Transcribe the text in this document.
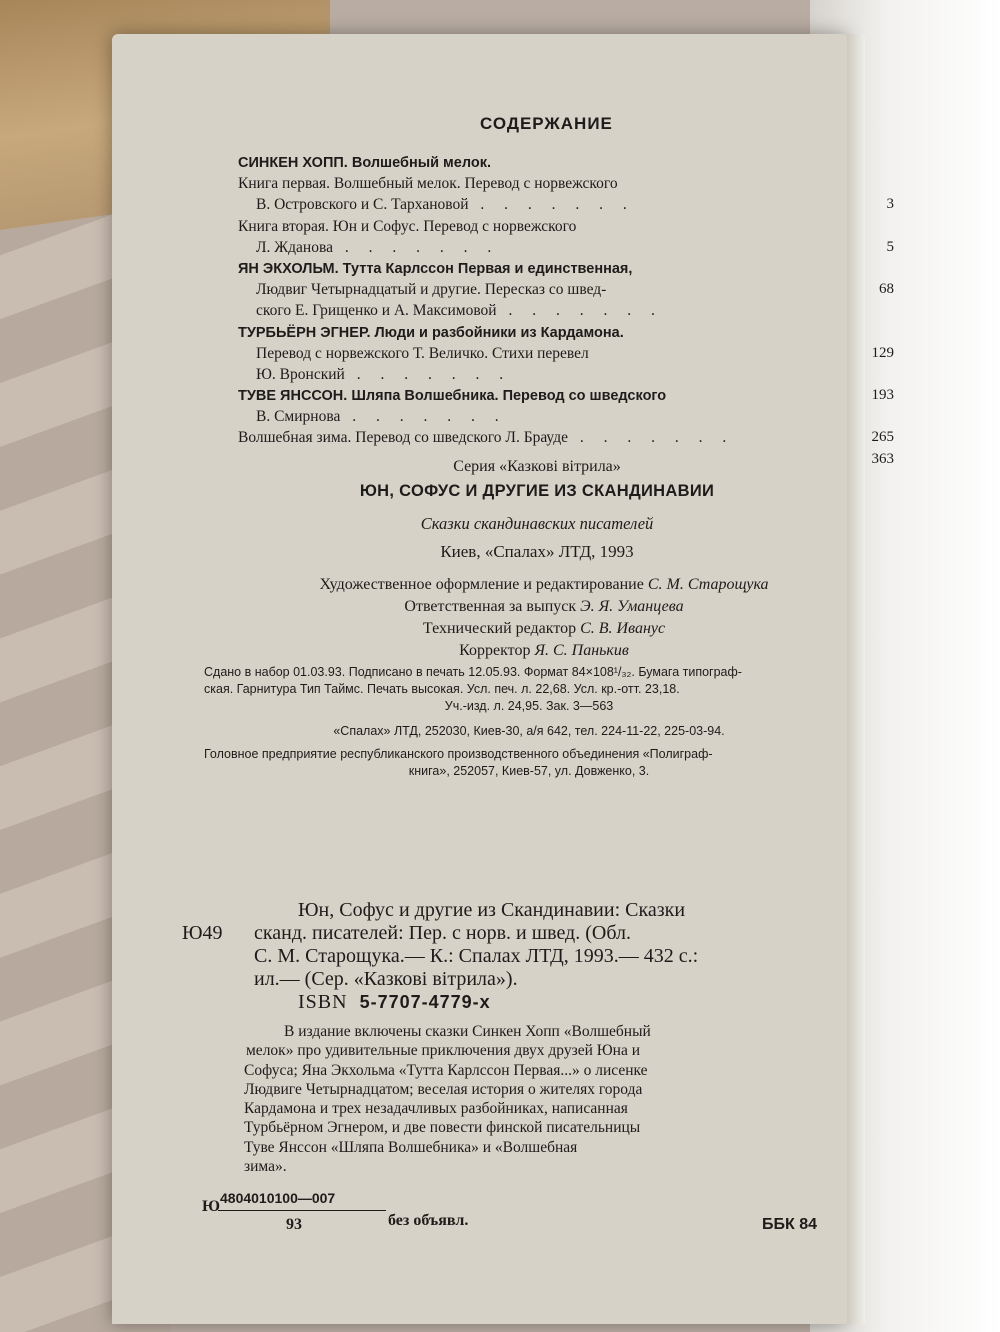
СОДЕРЖАНИЕ
СИНКЕН ХОПП. Волшебный мелок.
Книга первая. Волшебный мелок. Перевод с норвежского
В. Островского и С. Тархановой . . . . . . .	3
Книга вторая. Юн и Софус. Перевод с норвежского
Л. Жданова . . . . . . .	5
ЯН ЭКХОЛЬМ. Тутта Карлссон Первая и единственная,
Людвиг Четырнадцатый и другие. Пересказ со швед-	68
ского Е. Грищенко и А. Максимовой . . . . . . .
ТУРБЬЁРН ЭГНЕР. Люди и разбойники из Кардамона.
Перевод с норвежского Т. Величко. Стихи перевел	129
Ю. Вронский . . . . . . .
ТУВЕ ЯНССОН. Шляпа Волшебника. Перевод со шведского	193
В. Смирнова . . . . . . .
Волшебная зима. Перевод со шведского Л. Брауде . . . . . . .	265
363
Серия «Казкові вітрила»
ЮН, СОФУС И ДРУГИЕ ИЗ СКАНДИНАВИИ
Сказки скандинавских писателей
Киев, «Спалах» ЛТД, 1993
Художественное оформление и редактирование С. М. Старощука
Ответственная за выпуск Э. Я. Уманцева
Технический редактор С. В. Иванус
Корректор Я. С. Панькив
Сдано в набор 01.03.93. Подписано в печать 12.05.93. Формат 84×108¹/₃₂. Бумага типограф-
ская. Гарнитура Тип Таймс. Печать высокая. Усл. печ. л. 22,68. Усл. кр.-отт. 23,18.
Уч.-изд. л. 24,95. Зак. 3—563
«Спалах» ЛТД, 252030, Киев-30, а/я 642, тел. 224-11-22, 225-03-94.
Головное предприятие республиканского производственного объединения «Полиграф-
книга», 252057, Киев-57, ул. Довженко, 3.
Юн, Софус и другие из Скандинавии: Сказки
Ю49 сканд. писателей: Пер. с норв. и швед. (Обл.
С. М. Старощука.— К.: Спалах ЛТД, 1993.— 432 с.:
ил.— (Сер. «Казкові вітрила»).
ISBN 5-7707-4779-х
В издание включены сказки Синкен Хопп «Волшебный
мелок» про удивительные приключения двух друзей Юна и
Софуса; Яна Экхольма «Тутта Карлссон Первая...» о лисенке
Людвиге Четырнадцатом; веселая история о жителях города
Кардамона и трех незадачливых разбойниках, написанная
Турбьёрном Эгнером, и две повести финской писательницы
Туве Янссон «Шляпа Волшебника» и «Волшебная
зима».
Ю 4804010100—007
93	без объявл.	ББК 84
